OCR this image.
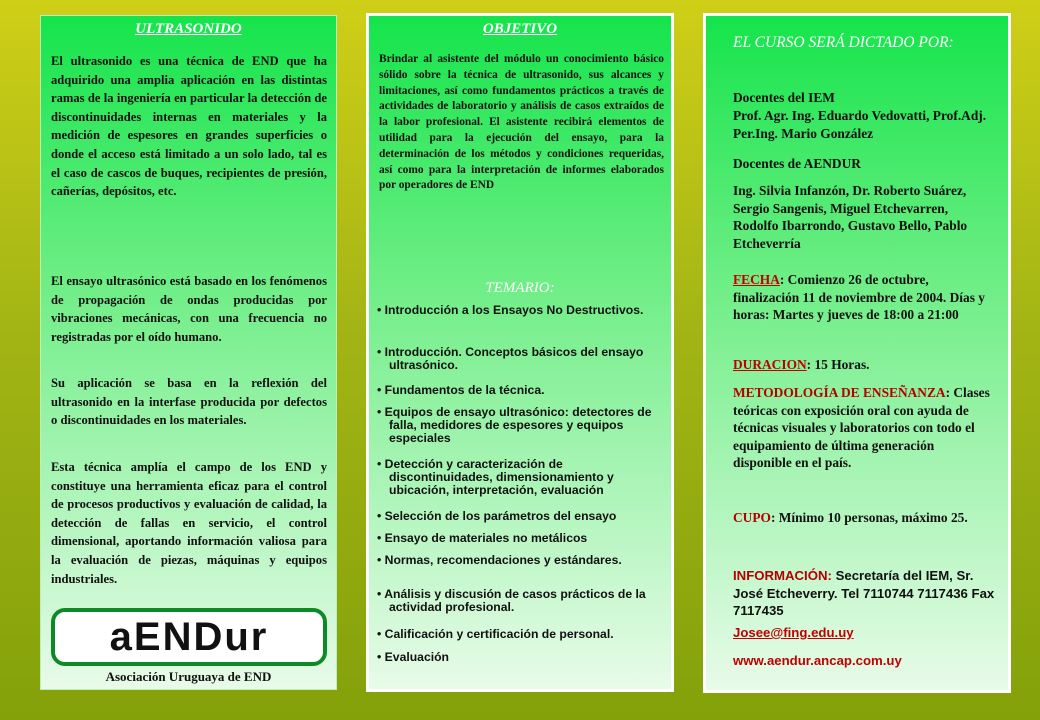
ULTRASONIDO
El ultrasonido es una técnica de END que ha adquirido una amplia aplicación en las distintas ramas de la ingeniería en particular la detección de discontinuidades internas en materiales y la medición de espesores en grandes superficies o donde el acceso está limitado a un solo lado, tal es el caso de cascos de buques, recipientes de presión, cañerías, depósitos, etc.
El ensayo ultrasónico está basado en los fenómenos de propagación de ondas producidas por vibraciones mecánicas, con una frecuencia no registradas por el oído humano.
Su aplicación se basa en la reflexión del ultrasonido en la interfase producida por defectos o discontinuidades en los materiales.
Esta técnica amplía el campo de los END y constituye una herramienta eficaz para el control de procesos productivos y evaluación de calidad, la detección de fallas en servicio, el control dimensional, aportando información valiosa para la evaluación de piezas, máquinas y equipos industriales.
a END ur
Asociación Uruguaya de END
OBJETIVO
Brindar al asistente del módulo un conocimiento básico sólido sobre la técnica de ultrasonido, sus alcances y limitaciones, así como fundamentos prácticos a través de actividades de laboratorio y análisis de casos extraídos de la labor profesional. El asistente recibirá elementos de utilidad para la ejecución del ensayo, para la determinación de los métodos y condiciones requeridas, así como para la interpretación de informes elaborados por operadores de END
TEMARIO:
• Introducción a los Ensayos No Destructivos.
• Introducción. Conceptos básicos del ensayo ultrasónico.
• Fundamentos de la técnica.
• Equipos de ensayo ultrasónico: detectores de falla, medidores de espesores y equipos especiales
• Detección y caracterización de discontinuidades, dimensionamiento y ubicación, interpretación, evaluación
• Selección de los parámetros del ensayo
• Ensayo de materiales no metálicos
• Normas, recomendaciones y estándares.
• Análisis y discusión de casos prácticos de la actividad profesional.
• Calificación y certificación de personal.
• Evaluación
EL CURSO SERÁ DICTADO POR:
Docentes del IEM
Prof. Agr. Ing. Eduardo Vedovatti, Prof.Adj. Per.Ing. Mario González
Docentes de AENDUR
Ing. Silvia Infanzón, Dr. Roberto Suárez, Sergio Sangenis, Miguel Etchevarren, Rodolfo Ibarrondo, Gustavo Bello, Pablo Etcheverría
FECHA: Comienzo 26 de octubre, finalización 11 de noviembre de 2004. Días y horas: Martes y jueves de 18:00 a 21:00
DURACION: 15 Horas.
METODOLOGÍA DE ENSEÑANZA: Clases teóricas con exposición oral con ayuda de técnicas visuales y laboratorios con todo el equipamiento de última generación disponible en el país.
CUPO: Mínimo 10 personas, máximo 25.
INFORMACIÓN: Secretaría del IEM, Sr. José Etcheverry. Tel 7110744 7117436 Fax 7117435
Josee@fing.edu.uy
www.aendur.ancap.com.uy
